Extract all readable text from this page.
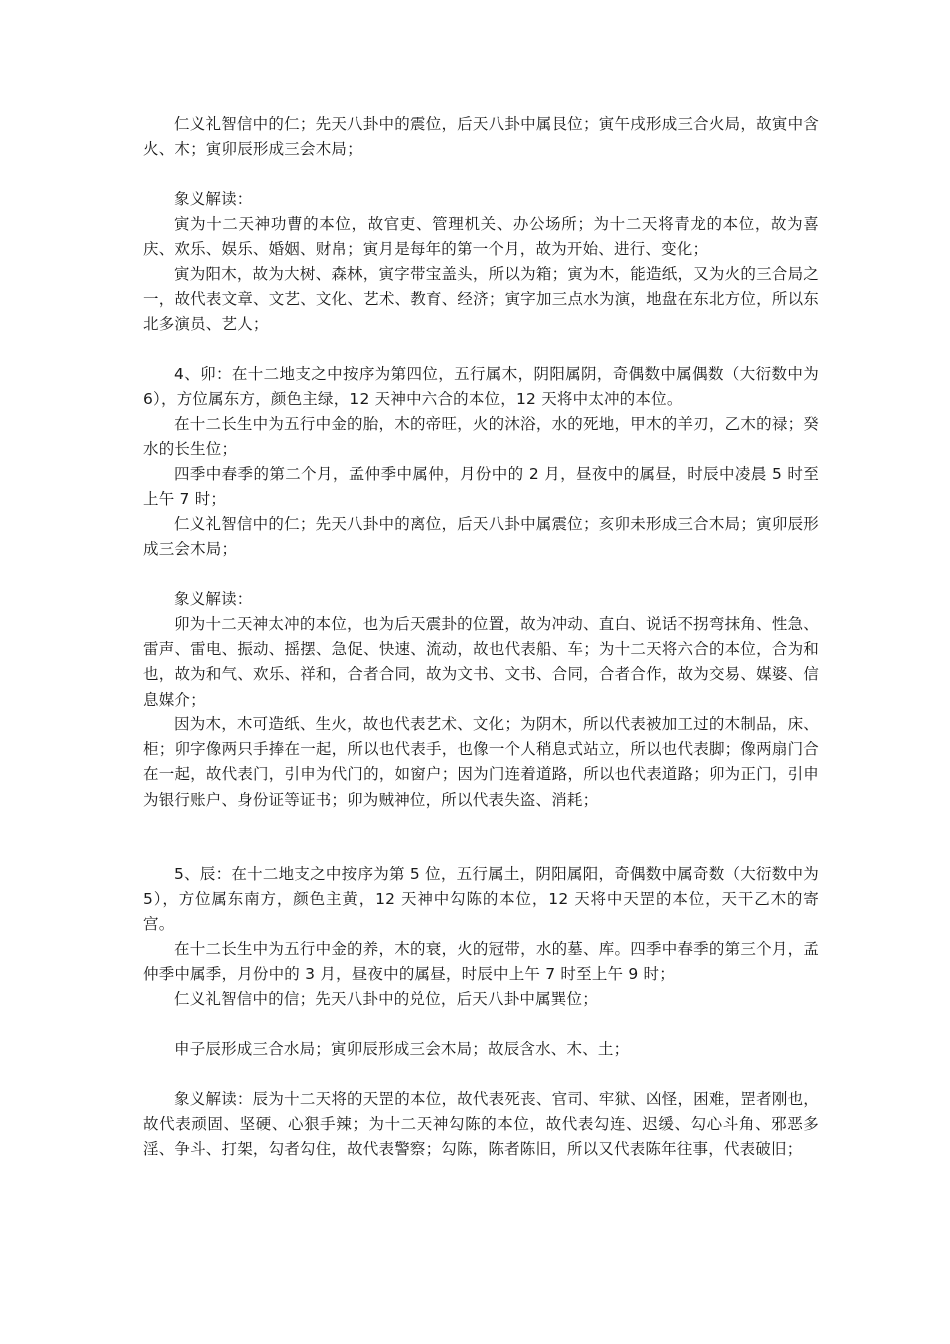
仁义礼智信中的仁；先天八卦中的震位，后天八卦中属艮位；寅午戌形成三合火局，故寅中含火、木；寅卯辰形成三会木局；

象义解读：

寅为十二天神功曹的本位，故官吏、管理机关、办公场所；为十二天将青龙的本位，故为喜庆、欢乐、娱乐、婚姻、财帛；寅月是每年的第一个月，故为开始、进行、变化；

寅为阳木，故为大树、森林，寅字带宝盖头，所以为箱；寅为木，能造纸，又为火的三合局之一，故代表文章、文艺、文化、艺术、教育、经济；寅字加三点水为演，地盘在东北方位，所以东北多演员、艺人；

4、卯：在十二地支之中按序为第四位，五行属木，阴阳属阴，奇偶数中属偶数（大衍数中为 6），方位属东方，颜色主绿，12 天神中六合的本位，12 天将中太冲的本位。

在十二长生中为五行中金的胎，木的帝旺，火的沐浴，水的死地，甲木的羊刃，乙木的禄；癸水的长生位；

四季中春季的第二个月，孟仲季中属仲，月份中的 2 月，昼夜中的属昼，时辰中凌晨 5 时至上午 7 时；

仁义礼智信中的仁；先天八卦中的离位，后天八卦中属震位；亥卯未形成三合木局；寅卯辰形成三会木局；

象义解读：

卯为十二天神太冲的本位，也为后天震卦的位置，故为冲动、直白、说话不拐弯抹角、性急、雷声、雷电、振动、摇摆、急促、快速、流动，故也代表船、车；为十二天将六合的本位，合为和也，故为和气、欢乐、祥和，合者合同，故为文书、文书、合同，合者合作，故为交易、媒婆、信息媒介；

因为木，木可造纸、生火，故也代表艺术、文化；为阴木，所以代表被加工过的木制品，床、柜；卯字像两只手捧在一起，所以也代表手，也像一个人稍息式站立，所以也代表脚；像两扇门合在一起，故代表门，引申为代门的，如窗户；因为门连着道路，所以也代表道路；卯为正门，引申为银行账户、身份证等证书；卯为贼神位，所以代表失盗、消耗；

5、辰：在十二地支之中按序为第 5 位，五行属土，阴阳属阳，奇偶数中属奇数（大衍数中为 5），方位属东南方，颜色主黄，12 天神中勾陈的本位，12 天将中天罡的本位，天干乙木的寄宫。

在十二长生中为五行中金的养，木的衰，火的冠带，水的墓、库。四季中春季的第三个月，孟仲季中属季，月份中的 3 月，昼夜中的属昼，时辰中上午 7 时至上午 9 时；

仁义礼智信中的信；先天八卦中的兑位，后天八卦中属巽位；

申子辰形成三合水局；寅卯辰形成三会木局；故辰含水、木、土；

象义解读：辰为十二天将的天罡的本位，故代表死丧、官司、牢狱、凶怪，困难，罡者刚也，故代表顽固、坚硬、心狠手辣；为十二天神勾陈的本位，故代表勾连、迟缓、勾心斗角、邪恶多淫、争斗、打架，勾者勾住，故代表警察；勾陈，陈者陈旧，所以又代表陈年往事，代表破旧；
